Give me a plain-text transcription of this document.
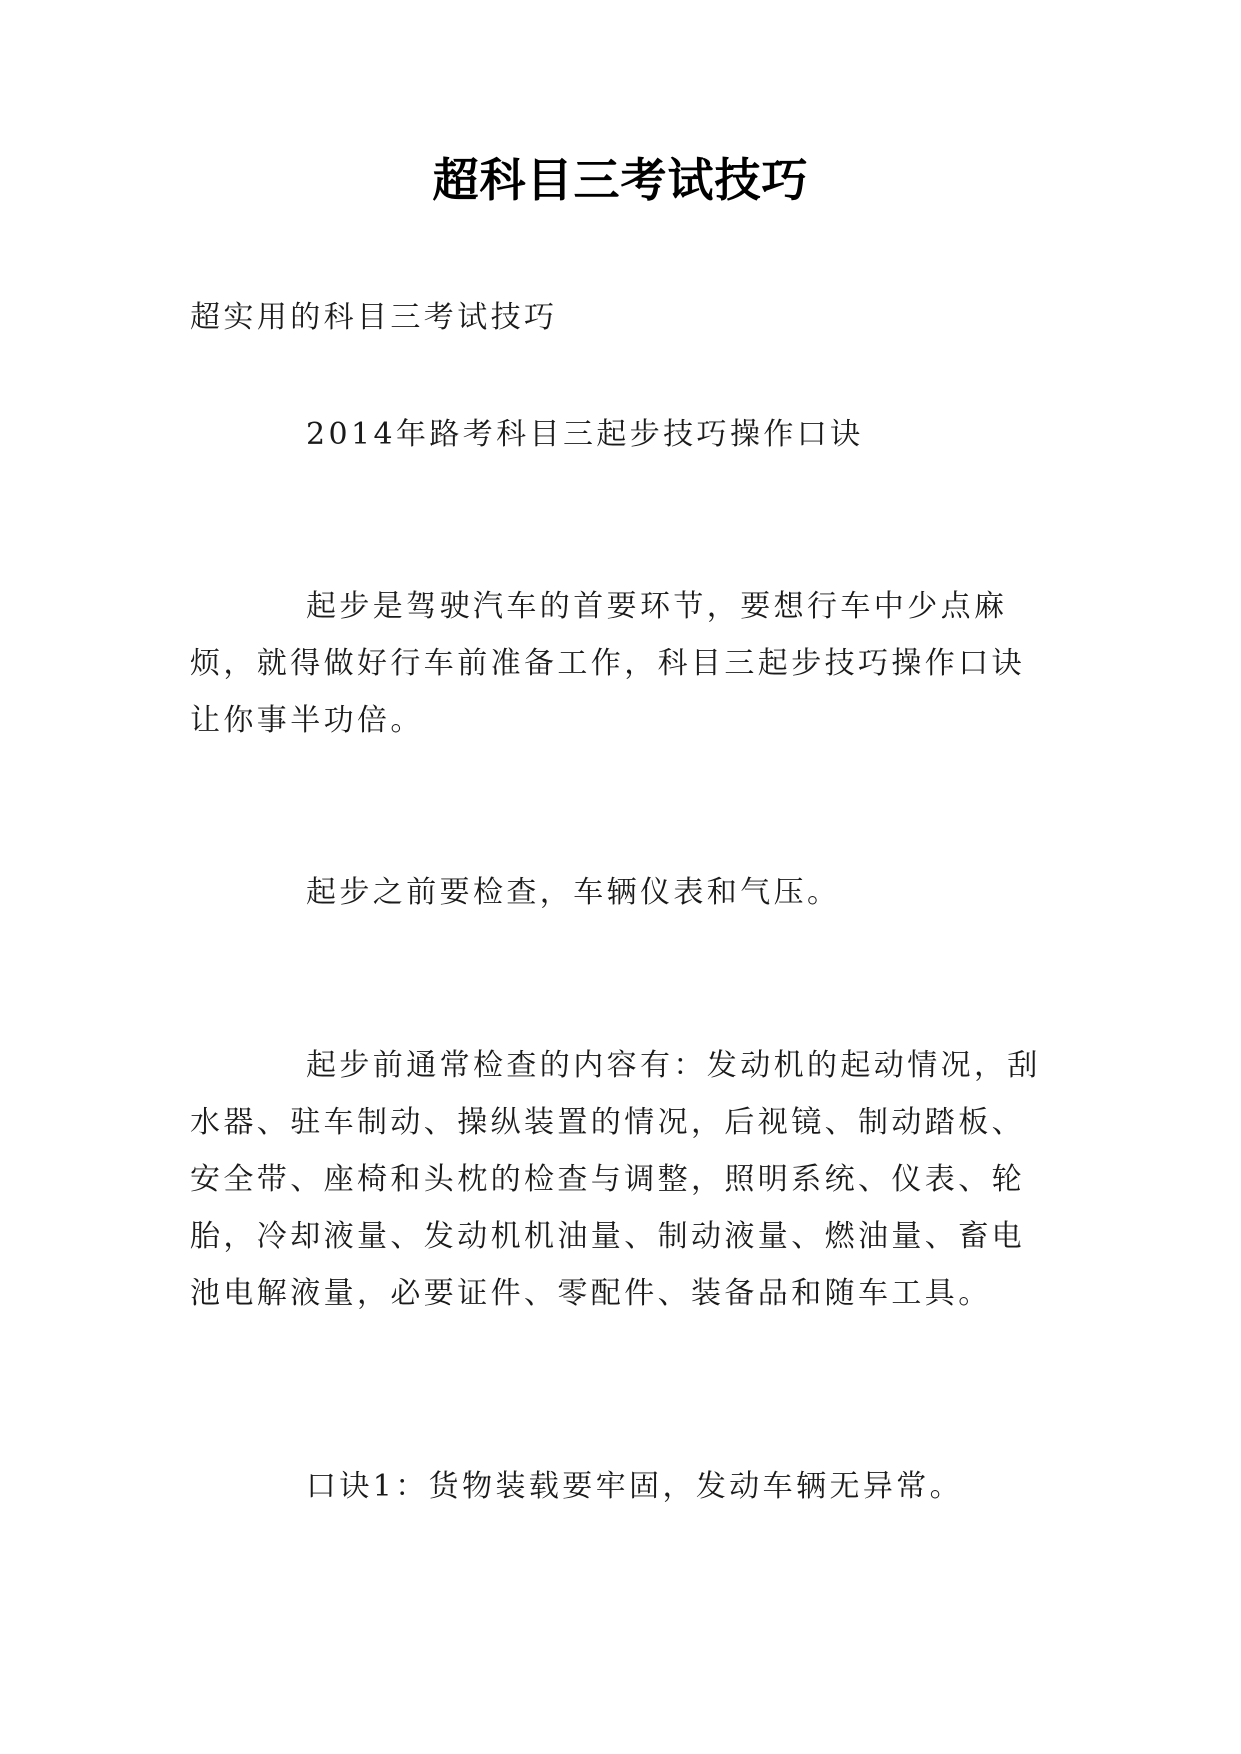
超科目三考试技巧

超实用的科目三考试技巧

2014年路考科目三起步技巧操作口诀

起步是驾驶汽车的首要环节，要想行车中少点麻烦，就得做好行车前准备工作，科目三起步技巧操作口诀让你事半功倍。

起步之前要检查，车辆仪表和气压。

起步前通常检查的内容有：发动机的起动情况，刮水器、驻车制动、操纵装置的情况，后视镜、制动踏板、安全带、座椅和头枕的检查与调整，照明系统、仪表、轮胎，冷却液量、发动机机油量、制动液量、燃油量、畜电池电解液量，必要证件、零配件、装备品和随车工具。

口诀1：货物装载要牢固，发动车辆无异常。
